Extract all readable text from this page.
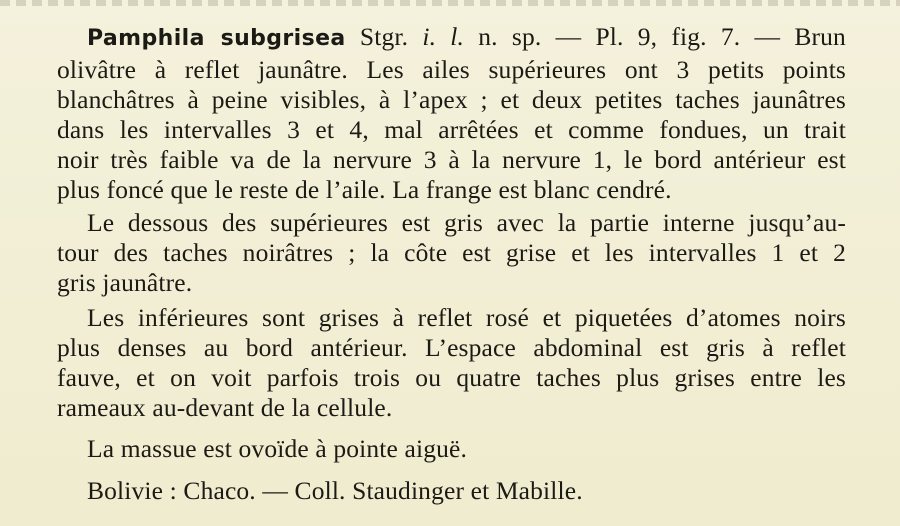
Pamphila subgrisea Stgr. i. l. n. sp. — Pl. 9, fig. 7. — Brun
olivâtre à reflet jaunâtre. Les ailes supérieures ont 3 petits points
blanchâtres à peine visibles, à l’apex ; et deux petites taches jaunâtres
dans les intervalles 3 et 4, mal arrêtées et comme fondues, un trait
noir très faible va de la nervure 3 à la nervure 1, le bord antérieur est
plus foncé que le reste de l’aile. La frange est blanc cendré.
Le dessous des supérieures est gris avec la partie interne jusqu’au-
tour des taches noirâtres ; la côte est grise et les intervalles 1 et 2
gris jaunâtre.
Les inférieures sont grises à reflet rosé et piquetées d’atomes noirs
plus denses au bord antérieur. L’espace abdominal est gris à reflet
fauve, et on voit parfois trois ou quatre taches plus grises entre les
rameaux au-devant de la cellule.
La massue est ovoïde à pointe aiguë.
Bolivie : Chaco. — Coll. Staudinger et Mabille.
